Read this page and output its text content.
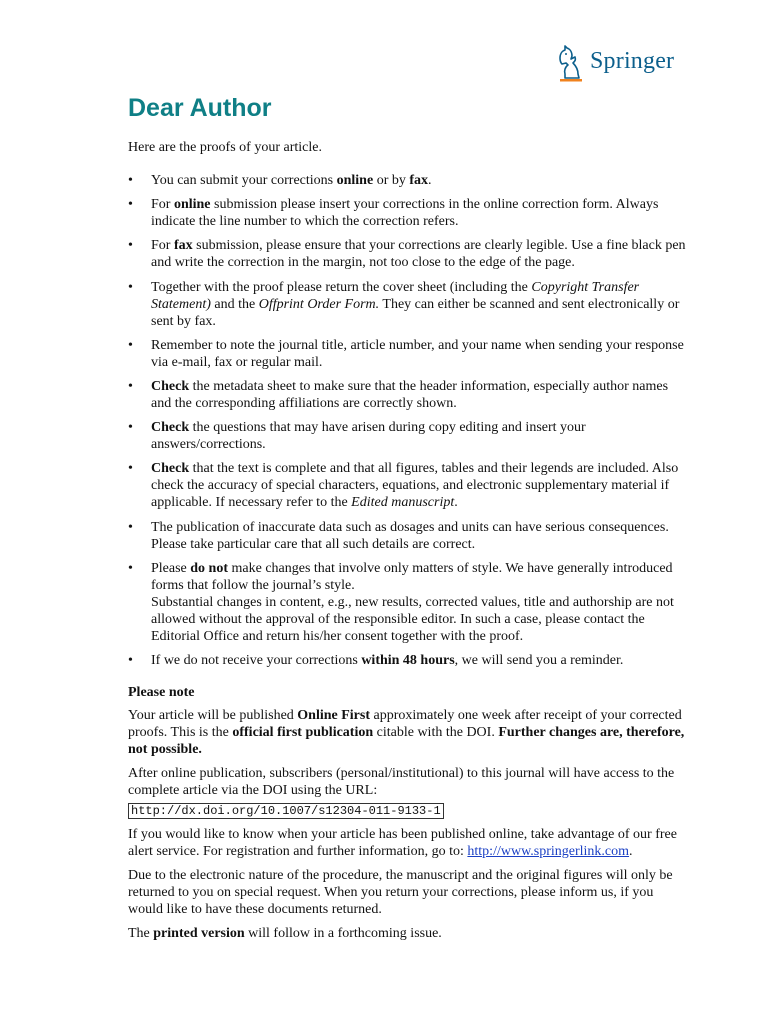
Springer
Dear Author

Here are the proofs of your article.

• You can submit your corrections online or by fax.
• For online submission please insert your corrections in the online correction form. Always indicate the line number to which the correction refers.
• For fax submission, please ensure that your corrections are clearly legible. Use a fine black pen and write the correction in the margin, not too close to the edge of the page.
• Together with the proof please return the cover sheet (including the Copyright Transfer Statement) and the Offprint Order Form. They can either be scanned and sent electronically or sent by fax.
• Remember to note the journal title, article number, and your name when sending your response via e-mail, fax or regular mail.
• Check the metadata sheet to make sure that the header information, especially author names and the corresponding affiliations are correctly shown.
• Check the questions that may have arisen during copy editing and insert your answers/corrections.
• Check that the text is complete and that all figures, tables and their legends are included. Also check the accuracy of special characters, equations, and electronic supplementary material if applicable. If necessary refer to the Edited manuscript.
• The publication of inaccurate data such as dosages and units can have serious consequences. Please take particular care that all such details are correct.
• Please do not make changes that involve only matters of style. We have generally introduced forms that follow the journal’s style.
Substantial changes in content, e.g., new results, corrected values, title and authorship are not allowed without the approval of the responsible editor. In such a case, please contact the Editorial Office and return his/her consent together with the proof.
• If we do not receive your corrections within 48 hours, we will send you a reminder.
Please note

Your article will be published Online First approximately one week after receipt of your corrected proofs. This is the official first publication citable with the DOI. Further changes are, therefore, not possible.

After online publication, subscribers (personal/institutional) to this journal will have access to the complete article via the DOI using the URL:

http://dx.doi.org/10.1007/s12304-011-9133-1

If you would like to know when your article has been published online, take advantage of our free alert service. For registration and further information, go to: http://www.springerlink.com.

Due to the electronic nature of the procedure, the manuscript and the original figures will only be returned to you on special request. When you return your corrections, please inform us, if you would like to have these documents returned.

The printed version will follow in a forthcoming issue.
